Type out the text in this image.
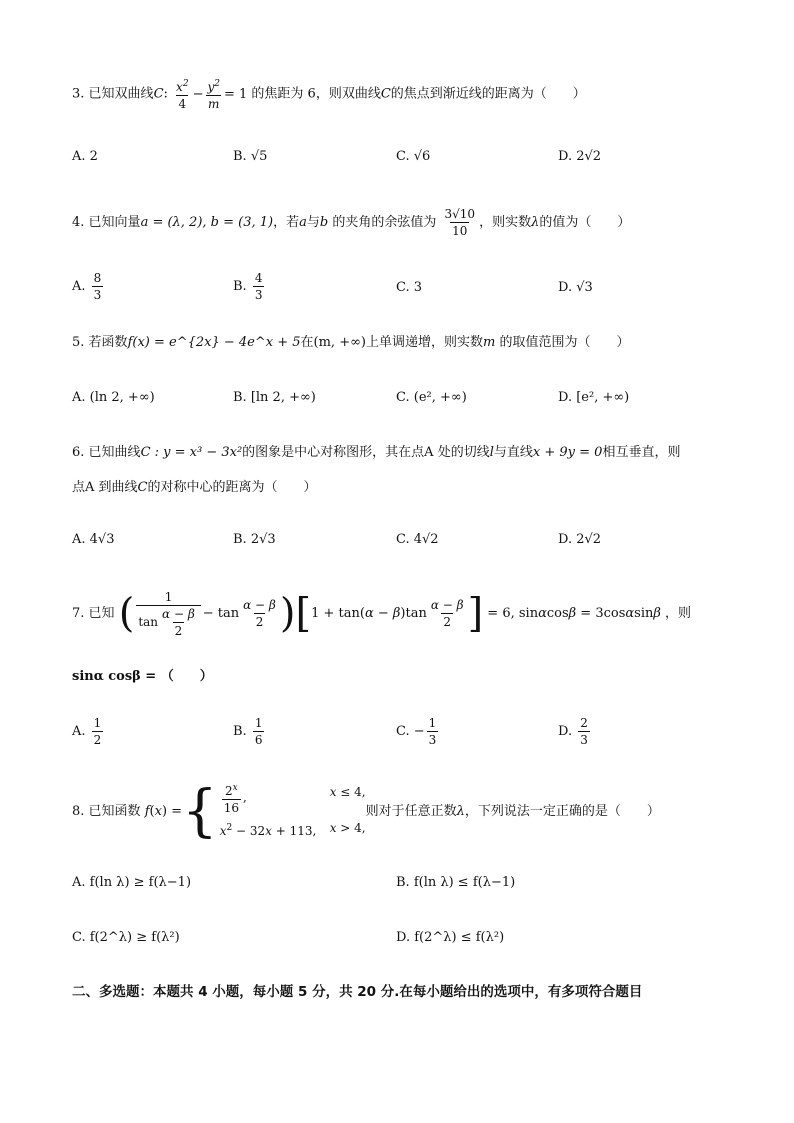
3. 已知双曲线C: $\frac{x^2}{4} - \frac{y^2}{m} = 1$ 的焦距为 6，则双曲线C的焦点到渐近线的距离为（　　）
A. 2	B. √5	C. √6	D. 2√2
4. 已知向量a = (λ, 2), b = (3, 1)，若a与b 的夹角的余弦值为 $\frac{3√10}{10}$ ，则实数λ的值为（　　）
A. $\frac{8}{3}$	B. $\frac{4}{3}$	C. 3	D. √3
5. 若函数f(x) = e^{2x} − 4e^x + 5在(m, +∞)上单调递增，则实数m 的取值范围为（　　）
A. (ln 2, +∞)	B. [ln 2, +∞)	C. (e², +∞)	D. [e², +∞)
6. 已知曲线C : y = x³ − 3x²的图象是中心对称图形，其在点A 处的切线l与直线x + 9y = 0相互垂直，则
点A 到曲线C的对称中心的距离为（　　）
A. 4√3	B. 2√3	C. 4√2	D. 2√2
7. 已知 ( $\frac{1}{\tan \frac{\alpha - \beta}{2}} - \tan \frac{\alpha - \beta}{2} )[1 + \tan(\alpha - \beta)\tan \frac{\alpha - \beta}{2}$ ] = 6, sinαcosβ = 3cosαsinβ ，则
sinα cosβ = （　　）
A. $\frac{1}{2}$	B. $\frac{1}{6}$	C. − $\frac{1}{3}$	D. $\frac{2}{3}$
8. 已知函数 f ( x ) = { $\frac{2^x}{16}$ ,	x ≤ 4,
$x^2 - 32x + 113$,	x > 4,
则对于任意正数λ，下列说法一定正确的是（　　）
A. f(ln λ) ≥ f(λ−1)	B. f(ln λ) ≤ f(λ−1)
C. f(2^λ) ≥ f(λ²)	D. f(2^λ) ≤ f(λ²)
二、多选题：本题共 4 小题，每小题 5 分，共 20 分.在每小题给出的选项中，有多项符合题目
